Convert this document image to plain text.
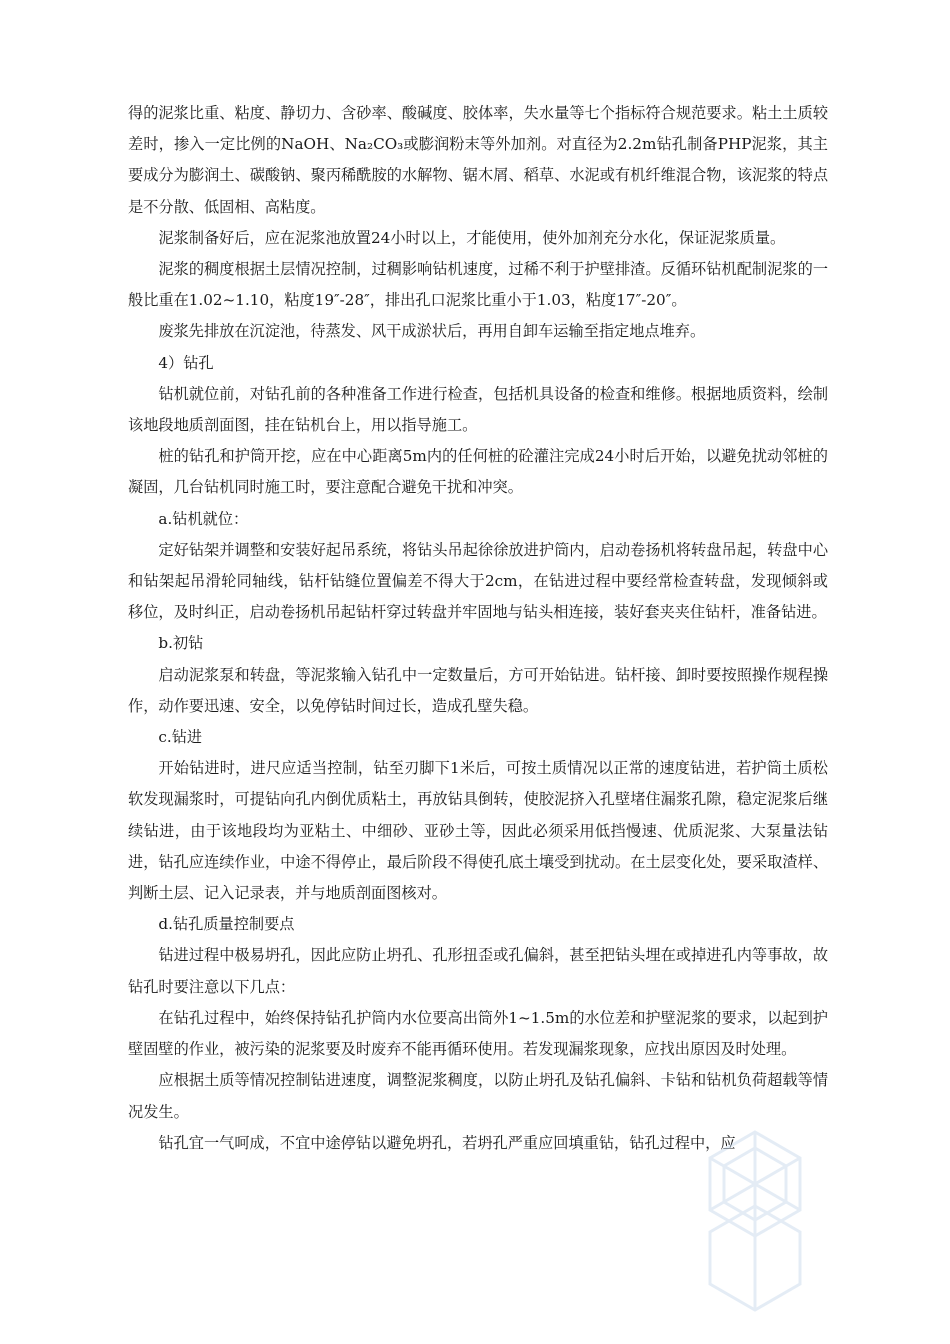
得的泥浆比重、粘度、静切力、含砂率、酸碱度、胶体率，失水量等七个指标符合规范要求。粘土土质较差时，掺入一定比例的NaOH、Na₂CO₃或膨润粉末等外加剂。对直径为2.2m钻孔制备PHP泥浆，其主要成分为膨润土、碳酸钠、聚丙稀酰胺的水解物、锯木屑、稻草、水泥或有机纤维混合物，该泥浆的特点是不分散、低固相、高粘度。

泥浆制备好后，应在泥浆池放置24小时以上，才能使用，使外加剂充分水化，保证泥浆质量。

泥浆的稠度根据土层情况控制，过稠影响钻机速度，过稀不利于护壁排渣。反循环钻机配制泥浆的一般比重在1.02~1.10，粘度19″-28″，排出孔口泥浆比重小于1.03，粘度17″-20″。

废浆先排放在沉淀池，待蒸发、风干成淤状后，再用自卸车运输至指定地点堆弃。

4）钻孔

钻机就位前，对钻孔前的各种准备工作进行检查，包括机具设备的检查和维修。根据地质资料，绘制该地段地质剖面图，挂在钻机台上，用以指导施工。

桩的钻孔和护筒开挖，应在中心距离5m内的任何桩的砼灌注完成24小时后开始，以避免扰动邻桩的凝固，几台钻机同时施工时，要注意配合避免干扰和冲突。

a.钻机就位：

定好钻架并调整和安装好起吊系统，将钻头吊起徐徐放进护筒内，启动卷扬机将转盘吊起，转盘中心和钻架起吊滑轮同轴线，钻杆钻缝位置偏差不得大于2cm，在钻进过程中要经常检查转盘，发现倾斜或移位，及时纠正，启动卷扬机吊起钻杆穿过转盘并牢固地与钻头相连接，装好套夹夹住钻杆，准备钻进。

b.初钻

启动泥浆泵和转盘，等泥浆输入钻孔中一定数量后，方可开始钻进。钻杆接、卸时要按照操作规程操作，动作要迅速、安全，以免停钻时间过长，造成孔壁失稳。

c.钻进

开始钻进时，进尺应适当控制，钻至刃脚下1米后，可按土质情况以正常的速度钻进，若护筒土质松软发现漏浆时，可提钻向孔内倒优质粘土，再放钻具倒转，使胶泥挤入孔壁堵住漏浆孔隙，稳定泥浆后继续钻进，由于该地段均为亚粘土、中细砂、亚砂土等，因此必须采用低挡慢速、优质泥浆、大泵量法钻进，钻孔应连续作业，中途不得停止，最后阶段不得使孔底土壤受到扰动。在土层变化处，要采取渣样、判断土层、记入记录表，并与地质剖面图核对。

d.钻孔质量控制要点

钻进过程中极易坍孔，因此应防止坍孔、孔形扭歪或孔偏斜，甚至把钻头埋在或掉进孔内等事故，故钻孔时要注意以下几点：

在钻孔过程中，始终保持钻孔护筒内水位要高出筒外1~1.5m的水位差和护壁泥浆的要求，以起到护壁固壁的作业，被污染的泥浆要及时废弃不能再循环使用。若发现漏浆现象，应找出原因及时处理。

应根据土质等情况控制钻进速度，调整泥浆稠度，以防止坍孔及钻孔偏斜、卡钻和钻机负荷超载等情况发生。

钻孔宜一气呵成，不宜中途停钻以避免坍孔，若坍孔严重应回填重钻，钻孔过程中，应
